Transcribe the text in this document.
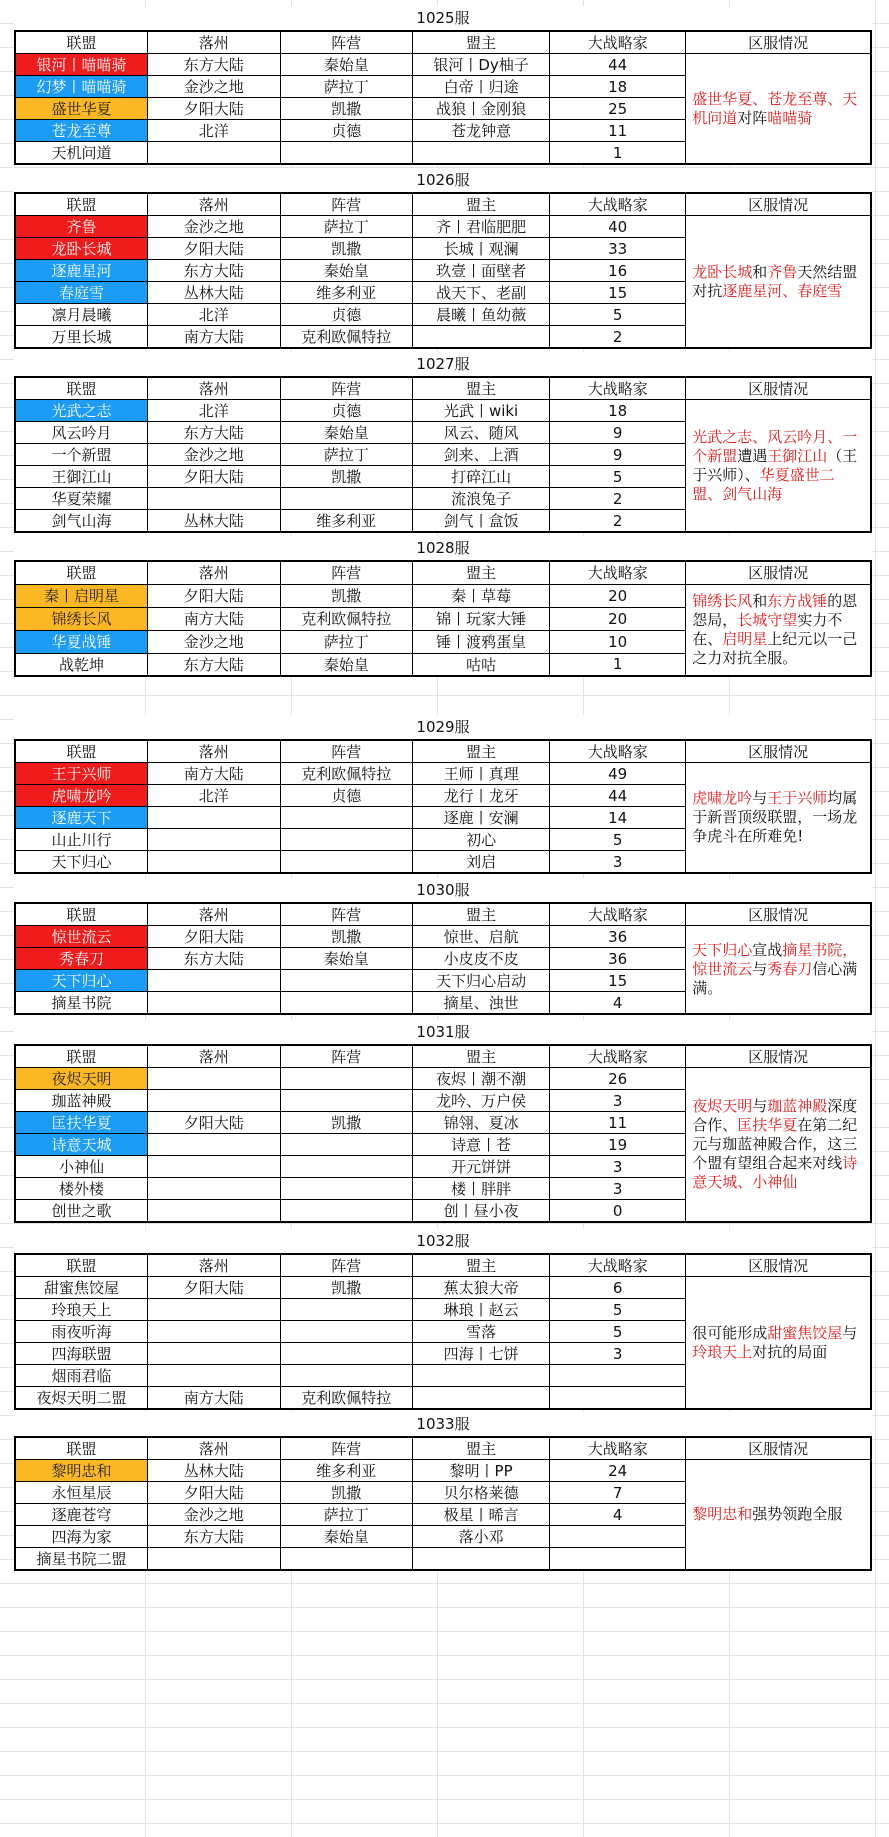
1025服
联盟	落州	阵营	盟主	大战略家	区服情况
银河丨喵喵骑	东方大陆	秦始皇	银河丨Dy柚子	44	盛世华夏、苍龙至尊、天机问道对阵喵喵骑
幻梦丨喵喵骑	金沙之地	萨拉丁	白帝丨归途	18	
盛世华夏	夕阳大陆	凯撒	战狼丨金刚狼	25	
苍龙至尊	北洋	贞德	苍龙钟意	11	
天机问道				1	
1026服
联盟	落州	阵营	盟主	大战略家	区服情况
齐鲁	金沙之地	萨拉丁	齐丨君临肥肥	40	龙卧长城和齐鲁天然结盟对抗逐鹿星河、春庭雪
龙卧长城	夕阳大陆	凯撒	长城丨观澜	33	
逐鹿星河	东方大陆	秦始皇	玖壹丨面壁者	16	
春庭雪	丛林大陆	维多利亚	战天下、老副	15	
凛月晨曦	北洋	贞德	晨曦丨鱼幼薇	5	
万里长城	南方大陆	克利欧佩特拉		2	
1027服
联盟	落州	阵营	盟主	大战略家	区服情况
光武之志	北洋	贞德	光武丨wiki	18	光武之志、风云吟月、一个新盟遭遇王御江山（王于兴师）、华夏盛世二盟、剑气山海
风云吟月	东方大陆	秦始皇	风云、随风	9	
一个新盟	金沙之地	萨拉丁	剑来、上酒	9	
王御江山	夕阳大陆	凯撒	打碎江山	5	
华夏荣耀			流浪兔子	2	
剑气山海	丛林大陆	维多利亚	剑气丨盒饭	2	
1028服
联盟	落州	阵营	盟主	大战略家	区服情况
秦丨启明星	夕阳大陆	凯撒	秦丨草莓	20	锦绣长风和东方战锤的恩怨局，长城守望实力不在、启明星上纪元以一己之力对抗全服。
锦绣长风	南方大陆	克利欧佩特拉	锦丨玩家大锤	20	
华夏战锤	金沙之地	萨拉丁	锤丨渡鸦蛋皇	10	
战乾坤	东方大陆	秦始皇	咕咕	1	
1029服
联盟	落州	阵营	盟主	大战略家	区服情况
王于兴师	南方大陆	克利欧佩特拉	王师丨真理	49	虎啸龙吟与王于兴师均属于新晋顶级联盟，一场龙争虎斗在所难免!
虎啸龙吟	北洋	贞德	龙行丨龙牙	44	
逐鹿天下			逐鹿丨安澜	14	
山止川行			初心	5	
天下归心			刘启	3	
1030服
联盟	落州	阵营	盟主	大战略家	区服情况
惊世流云	夕阳大陆	凯撒	惊世、启航	36	天下归心宣战摘星书院，惊世流云与秀春刀信心满满。
秀春刀	东方大陆	秦始皇	小皮皮不皮	36	
天下归心			天下归心启动	15	
摘星书院			摘星、浊世	4	
1031服
联盟	落州	阵营	盟主	大战略家	区服情况
夜烬天明			夜烬丨潮不潮	26	夜烬天明与珈蓝神殿深度合作、匡扶华夏在第二纪元与珈蓝神殿合作，这三个盟有望组合起来对线诗意天城、小神仙
珈蓝神殿			龙吟、万户侯	3	
匡扶华夏	夕阳大陆	凯撒	锦翎、夏冰	11	
诗意天城			诗意丨苍	19	
小神仙			开元饼饼	3	
楼外楼			楼丨胖胖	3	
创世之歌			创丨昼小夜	0	
1032服
联盟	落州	阵营	盟主	大战略家	区服情况
甜蜜焦饺屋	夕阳大陆	凯撒	蕉太狼大帝	6	很可能形成甜蜜焦饺屋与玲琅天上对抗的局面
玲琅天上			琳琅丨赵云	5	
雨夜听海			雪落	5	
四海联盟			四海丨七饼	3	
烟雨君临					
夜烬天明二盟	南方大陆	克利欧佩特拉			
1033服
联盟	落州	阵营	盟主	大战略家	区服情况
黎明忠和	丛林大陆	维多利亚	黎明丨PP	24	黎明忠和强势领跑全服
永恒星辰	夕阳大陆	凯撒	贝尔格莱德	7	
逐鹿苍穹	金沙之地	萨拉丁	极星丨晞言	4	
四海为家	东方大陆	秦始皇	落小邓		
摘星书院二盟					
